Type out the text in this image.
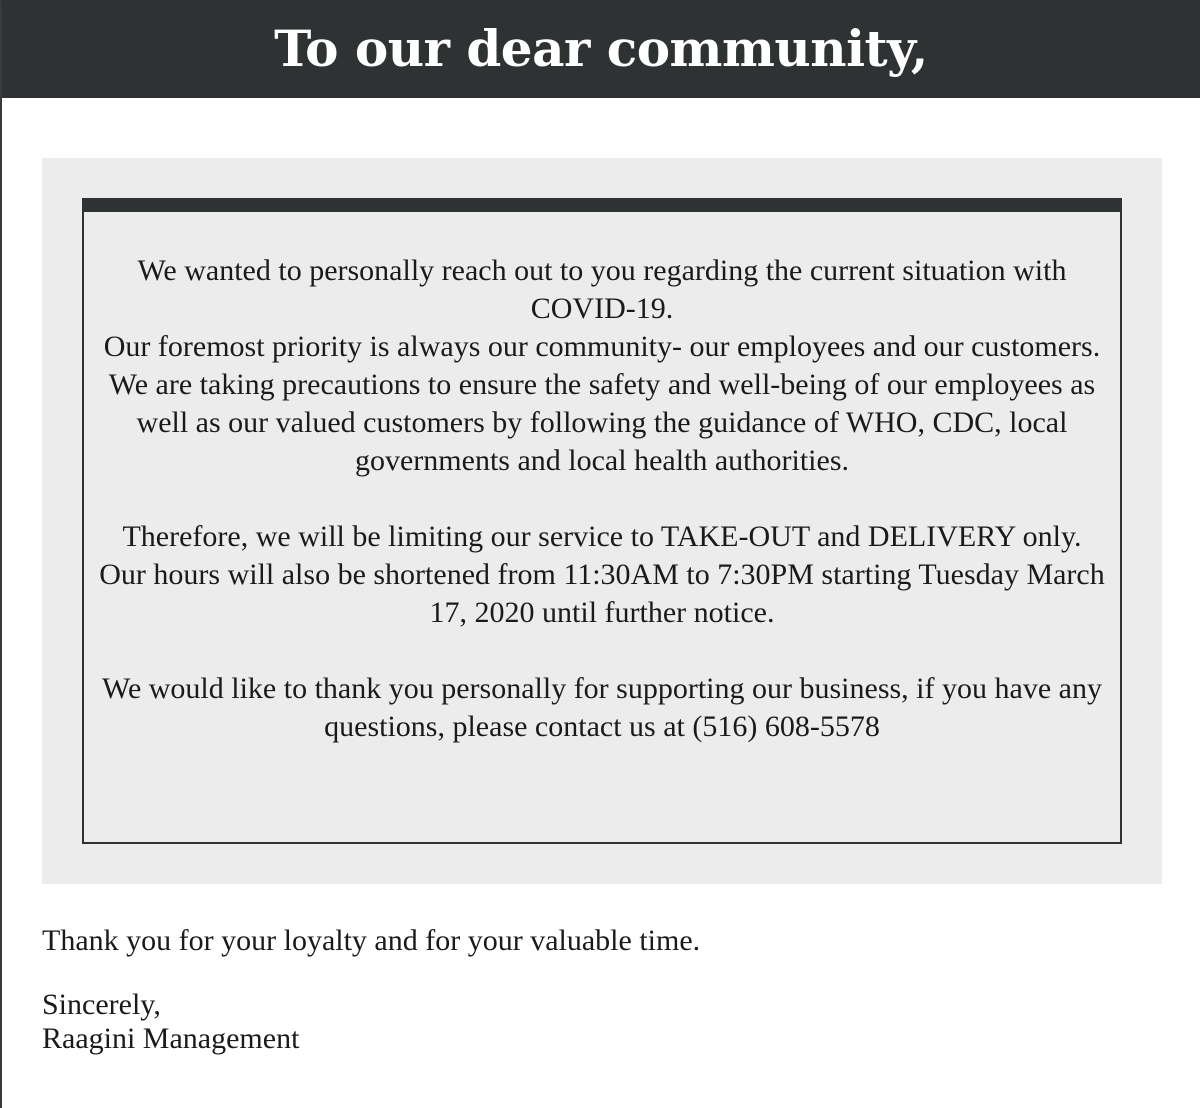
To our dear community,

We wanted to personally reach out to you regarding the current situation with COVID-19.

Our foremost priority is always our community- our employees and our customers. We are taking precautions to ensure the safety and well-being of our employees as well as our valued customers by following the guidance of WHO, CDC, local governments and local health authorities.

Therefore, we will be limiting our service to TAKE-OUT and DELIVERY only.

Our hours will also be shortened from 11:30AM to 7:30PM starting Tuesday March 17, 2020 until further notice.

We would like to thank you personally for supporting our business, if you have any questions, please contact us at (516) 608-5578

Thank you for your loyalty and for your valuable time.
Sincerely,
Raagini Management
